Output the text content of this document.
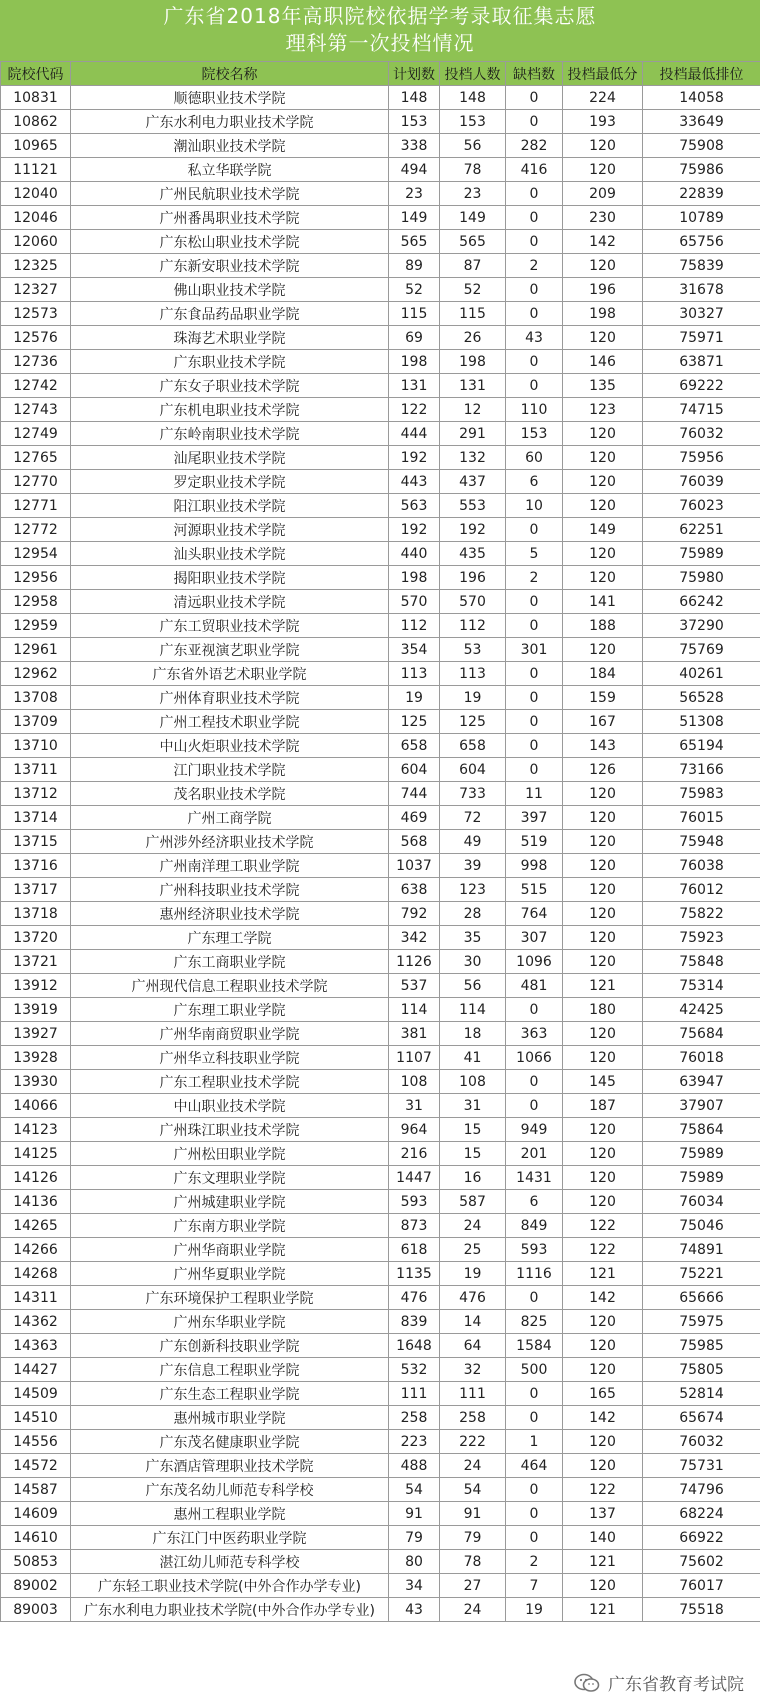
广东省2018年高职院校依据学考录取征集志愿
理科第一次投档情况
院校代码	院校名称	计划数	投档人数	缺档数	投档最低分	投档最低排位
10831	顺德职业技术学院	148	148	0	224	14058
10862	广东水利电力职业技术学院	153	153	0	193	33649
10965	潮汕职业技术学院	338	56	282	120	75908
11121	私立华联学院	494	78	416	120	75986
12040	广州民航职业技术学院	23	23	0	209	22839
12046	广州番禺职业技术学院	149	149	0	230	10789
12060	广东松山职业技术学院	565	565	0	142	65756
12325	广东新安职业技术学院	89	87	2	120	75839
12327	佛山职业技术学院	52	52	0	196	31678
12573	广东食品药品职业学院	115	115	0	198	30327
12576	珠海艺术职业学院	69	26	43	120	75971
12736	广东职业技术学院	198	198	0	146	63871
12742	广东女子职业技术学院	131	131	0	135	69222
12743	广东机电职业技术学院	122	12	110	123	74715
12749	广东岭南职业技术学院	444	291	153	120	76032
12765	汕尾职业技术学院	192	132	60	120	75956
12770	罗定职业技术学院	443	437	6	120	76039
12771	阳江职业技术学院	563	553	10	120	76023
12772	河源职业技术学院	192	192	0	149	62251
12954	汕头职业技术学院	440	435	5	120	75989
12956	揭阳职业技术学院	198	196	2	120	75980
12958	清远职业技术学院	570	570	0	141	66242
12959	广东工贸职业技术学院	112	112	0	188	37290
12961	广东亚视演艺职业学院	354	53	301	120	75769
12962	广东省外语艺术职业学院	113	113	0	184	40261
13708	广州体育职业技术学院	19	19	0	159	56528
13709	广州工程技术职业学院	125	125	0	167	51308
13710	中山火炬职业技术学院	658	658	0	143	65194
13711	江门职业技术学院	604	604	0	126	73166
13712	茂名职业技术学院	744	733	11	120	75983
13714	广州工商学院	469	72	397	120	76015
13715	广州涉外经济职业技术学院	568	49	519	120	75948
13716	广州南洋理工职业学院	1037	39	998	120	76038
13717	广州科技职业技术学院	638	123	515	120	76012
13718	惠州经济职业技术学院	792	28	764	120	75822
13720	广东理工学院	342	35	307	120	75923
13721	广东工商职业学院	1126	30	1096	120	75848
13912	广州现代信息工程职业技术学院	537	56	481	121	75314
13919	广东理工职业学院	114	114	0	180	42425
13927	广州华南商贸职业学院	381	18	363	120	75684
13928	广州华立科技职业学院	1107	41	1066	120	76018
13930	广东工程职业技术学院	108	108	0	145	63947
14066	中山职业技术学院	31	31	0	187	37907
14123	广州珠江职业技术学院	964	15	949	120	75864
14125	广州松田职业学院	216	15	201	120	75989
14126	广东文理职业学院	1447	16	1431	120	75989
14136	广州城建职业学院	593	587	6	120	76034
14265	广东南方职业学院	873	24	849	122	75046
14266	广州华商职业学院	618	25	593	122	74891
14268	广州华夏职业学院	1135	19	1116	121	75221
14311	广东环境保护工程职业学院	476	476	0	142	65666
14362	广州东华职业学院	839	14	825	120	75975
14363	广东创新科技职业学院	1648	64	1584	120	75985
14427	广东信息工程职业学院	532	32	500	120	75805
14509	广东生态工程职业学院	111	111	0	165	52814
14510	惠州城市职业学院	258	258	0	142	65674
14556	广东茂名健康职业学院	223	222	1	120	76032
14572	广东酒店管理职业技术学院	488	24	464	120	75731
14587	广东茂名幼儿师范专科学校	54	54	0	122	74796
14609	惠州工程职业学院	91	91	0	137	68224
14610	广东江门中医药职业学院	79	79	0	140	66922
50853	湛江幼儿师范专科学校	80	78	2	121	75602
89002	广东轻工职业技术学院(中外合作办学专业)	34	27	7	120	76017
89003	广东水利电力职业技术学院(中外合作办学专业)	43	24	19	121	75518
广东省教育考试院
